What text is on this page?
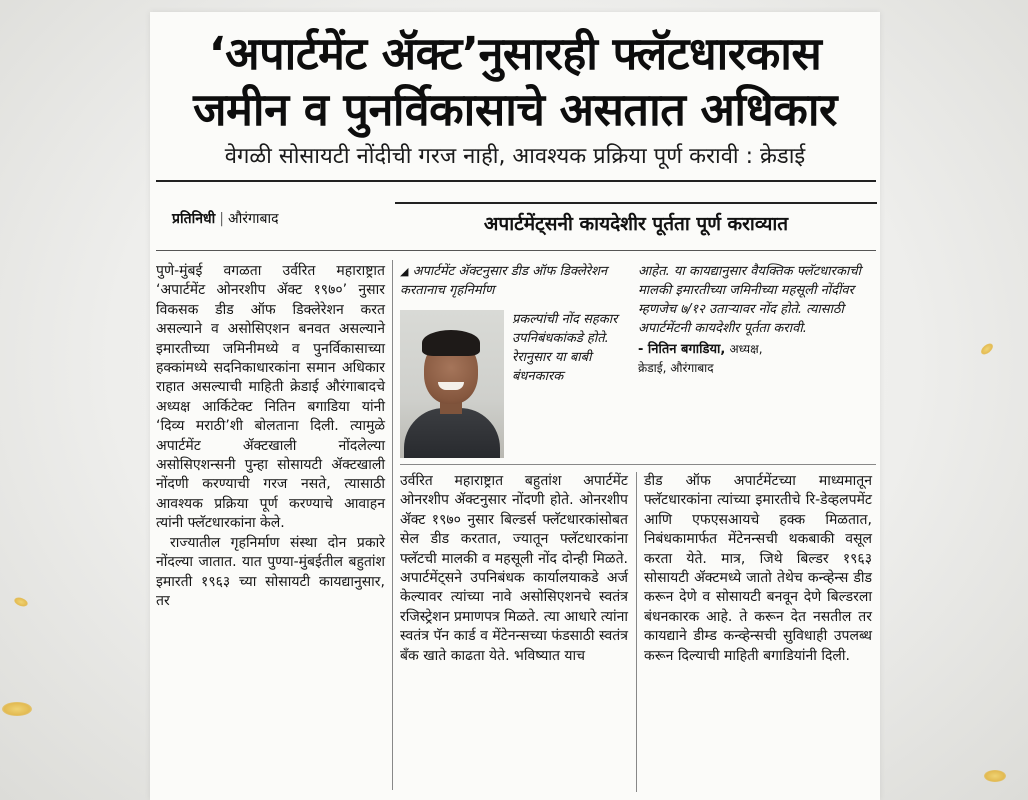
‘अपार्टमेंट ॲक्ट’नुसारही फ्लॅटधारकास
जमीन व पुनर्विकासाचे असतात अधिकार
वेगळी सोसायटी नोंदीची गरज नाही, आवश्यक प्रक्रिया पूर्ण करावी : क्रेडाई
प्रतिनिधी | औरंगाबाद	अपार्टमेंट्सनी कायदेशीर पूर्तता पूर्ण कराव्यात

पुणे-मुंबई वगळता उर्वरित महाराष्ट्रात ‘अपार्टमेंट ओनरशीप ॲक्ट १९७०’ नुसार विकसक डीड ऑफ डिक्लेरेशन करत असल्याने व असोसिएशन बनवत असल्याने इमारतीच्या जमिनीमध्ये व पुनर्विकासाच्या हक्कांमध्ये सदनिकाधारकांना समान अधिकार राहात असल्याची माहिती क्रेडाई औरंगाबादचे अध्यक्ष आर्किटेक्ट नितिन बगाडिया यांनी ‘दिव्य मराठी’शी बोलताना दिली. त्यामुळे अपार्टमेंट ॲक्टखाली नोंदलेल्या असोसिएशन्सनी पुन्हा सोसायटी ॲक्टखाली नोंदणी करण्याची गरज नसते, त्यासाठी आवश्यक प्रक्रिया पूर्ण करण्याचे आवाहन त्यांनी फ्लॅटधारकांना केले.

राज्यातील गृहनिर्माण संस्था दोन प्रकारे नोंदल्या जातात. यात पुण्या-मुंबईतील बहुतांश इमारती १९६३ च्या सोसायटी कायद्यानुसार, तर

◢ अपार्टमेंट ॲक्टनुसार डीड ऑफ डिक्लेरेशन करतानाच गृहनिर्माण
प्रकल्पांची नोंद सहकार उपनिबंधकांकडे होते. रेरानुसार या बाबी बंधनकारक
आहेत. या कायद्यानुसार वैयक्तिक फ्लॅटधारकाची मालकी इमारतीच्या जमिनीच्या महसूली नोंदींवर म्हणजेच ७/१२ उताऱ्यावर नोंद होते. त्यासाठी अपार्टमेंटनी कायदेशीर पूर्तता करावी.
- नितिन बगाडिया, अध्यक्ष,
क्रेडाई, औरंगाबाद
उर्वरित महाराष्ट्रात बहुतांश अपार्टमेंट ओनरशीप ॲक्टनुसार नोंदणी होते. ओनरशीप ॲक्ट १९७० नुसार बिल्डर्स फ्लॅटधारकांसोबत सेल डीड करतात, ज्यातून फ्लॅटधारकांना फ्लॅटची मालकी व महसूली नोंद दोन्ही मिळते. अपार्टमेंट्सने उपनिबंधक कार्यालयाकडे अर्ज केल्यावर त्यांच्या नावे असोसिएशनचे स्वतंत्र रजिस्ट्रेशन प्रमाणपत्र मिळते. त्या आधारे त्यांना स्वतंत्र पॅन कार्ड व मेंटेनन्सच्या फंडसाठी स्वतंत्र बँक खाते काढता येते. भविष्यात याच
डीड ऑफ अपार्टमेंटच्या माध्यमातून फ्लॅटधारकांना त्यांच्या इमारतीचे रि-डेव्हलपमेंट आणि एफएसआयचे हक्क मिळतात, निबंधकामार्फत मेंटेनन्सची थकबाकी वसूल करता येते. मात्र, जिथे बिल्डर १९६३ सोसायटी ॲक्टमध्ये जातो तेथेच कन्व्हेन्स डीड करून देणे व सोसायटी बनवून देणे बिल्डरला बंधनकारक आहे. ते करून देत नसतील तर कायद्याने डीम्ड कन्व्हेन्सची सुविधाही उपलब्ध करून दिल्याची माहिती बगाडियांनी दिली.
